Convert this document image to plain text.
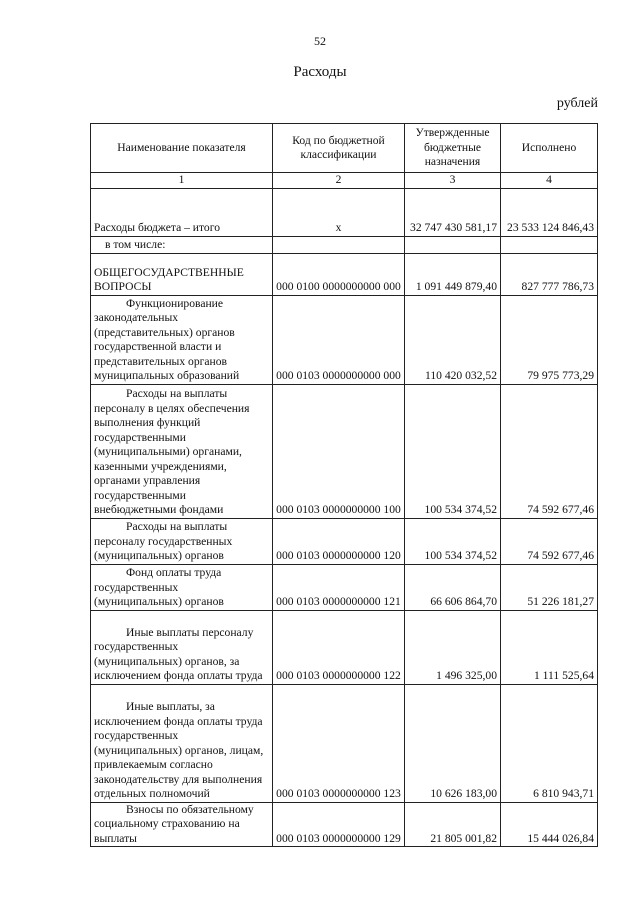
52
Расходы
рублей
Наименование показателя	Код по бюджетной классификации	Утвержденные бюджетные назначения	Исполнено
1	2	3	4
Расходы бюджета – итого	x	32 747 430 581,17	23 533 124 846,43
в том числе:			
ОБЩЕГОСУДАРСТВЕННЫЕ ВОПРОСЫ	000 0100 0000000000 000	1 091 449 879,40	827 777 786,73

Функционирование законодательных (представительных) органов государственной власти и представительных органов муниципальных образований	000 0103 0000000000 000	110 420 032,52	79 975 773,29

Расходы на выплаты персоналу в целях обеспечения выполнения функций государственными (муниципальными) органами, казенными учреждениями, органами управления государственными внебюджетными фондами	000 0103 0000000000 100	100 534 374,52	74 592 677,46

Расходы на выплаты персоналу государственных (муниципальных) органов	000 0103 0000000000 120	100 534 374,52	74 592 677,46

Фонд оплаты труда государственных (муниципальных) органов	000 0103 0000000000 121	66 606 864,70	51 226 181,27

Иные выплаты персоналу государственных (муниципальных) органов, за исключением фонда оплаты труда	000 0103 0000000000 122	1 496 325,00	1 111 525,64

Иные выплаты, за исключением фонда оплаты труда государственных (муниципальных) органов, лицам, привлекаемым согласно законодательству для выполнения отдельных полномочий	000 0103 0000000000 123	10 626 183,00	6 810 943,71

Взносы по обязательному социальному страхованию на выплаты	000 0103 0000000000 129	21 805 001,82	15 444 026,84
